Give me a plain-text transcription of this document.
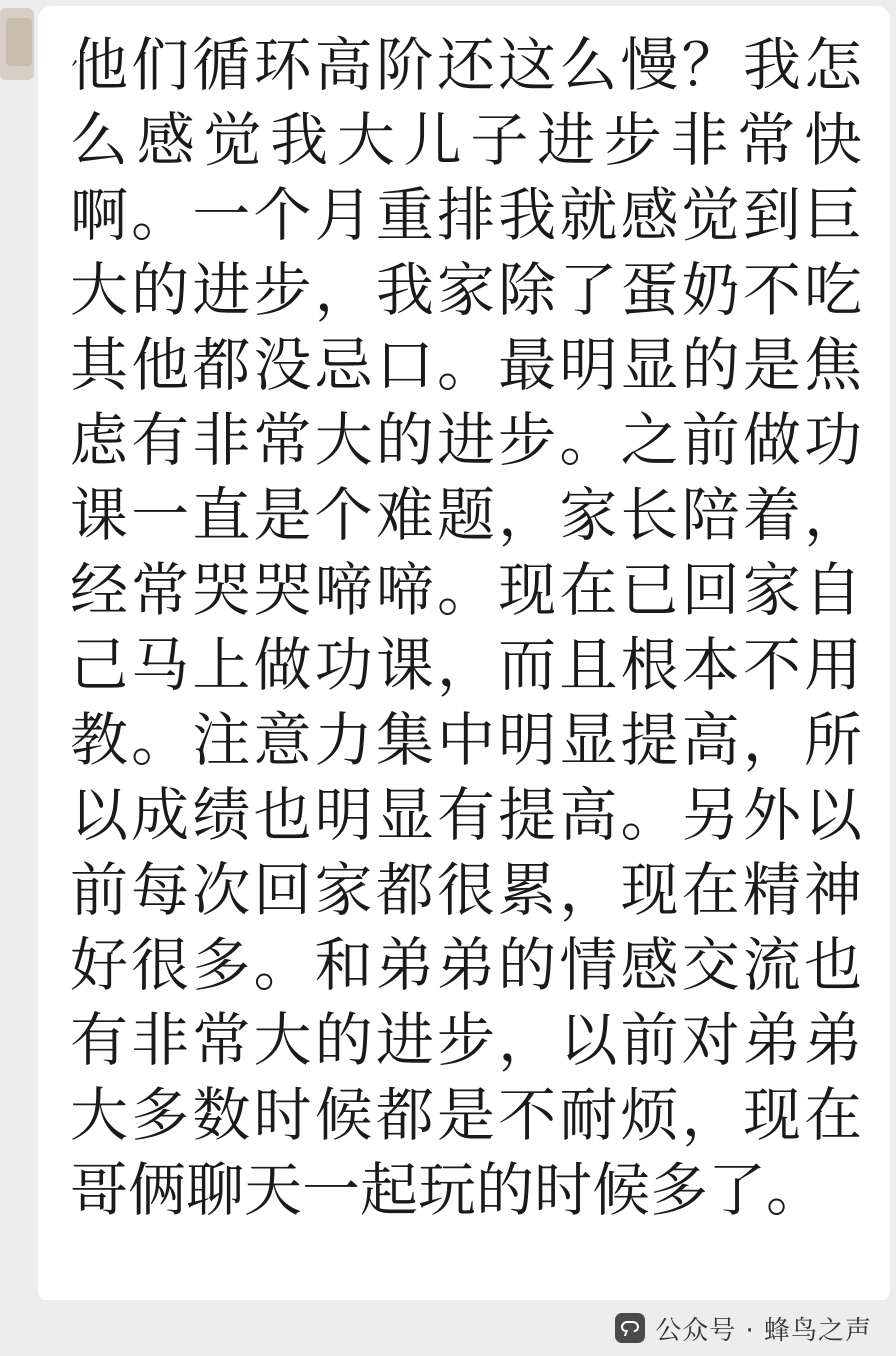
他们循环高阶还这么慢？我怎么感觉我大儿子进步非常快啊。一个月重排我就感觉到巨大的进步，我家除了蛋奶不吃其他都没忌口。最明显的是焦虑有非常大的进步。之前做功课一直是个难题，家长陪着，经常哭哭啼啼。现在已回家自己马上做功课，而且根本不用教。注意力集中明显提高，所以成绩也明显有提高。另外以前每次回家都很累，现在精神好很多。和弟弟的情感交流也有非常大的进步，以前对弟弟大多数时候都是不耐烦，现在哥俩聊天一起玩的时候多了。
公众号 · 蜂鸟之声
